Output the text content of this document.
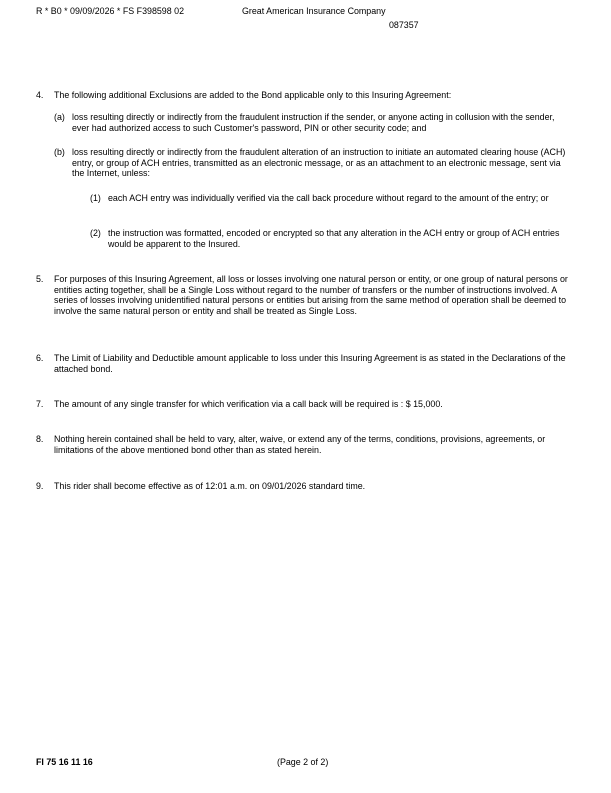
R * B0 * 09/09/2026 * FS F398598 02	Great American Insurance Company
087357
4. The following additional Exclusions are added to the Bond applicable only to this Insuring Agreement:
(a) loss resulting directly or indirectly from the fraudulent instruction if the sender, or anyone acting in collusion with the sender, ever had authorized access to such Customer's password, PIN or other security code; and
(b) loss resulting directly or indirectly from the fraudulent alteration of an instruction to initiate an automated clearing house (ACH) entry, or group of ACH entries, transmitted as an electronic message, or as an attachment to an electronic message, sent via the Internet, unless:
(1) each ACH entry was individually verified via the call back procedure without regard to the amount of the entry; or
(2) the instruction was formatted, encoded or encrypted so that any alteration in the ACH entry or group of ACH entries would be apparent to the Insured.
5. For purposes of this Insuring Agreement, all loss or losses involving one natural person or entity, or one group of natural persons or entities acting together, shall be a Single Loss without regard to the number of transfers or the number of instructions involved. A series of losses involving unidentified natural persons or entities but arising from the same method of operation shall be deemed to involve the same natural person or entity and shall be treated as Single Loss.
6. The Limit of Liability and Deductible amount applicable to loss under this Insuring Agreement is as stated in the Declarations of the attached bond.
7. The amount of any single transfer for which verification via a call back will be required is : $ 15,000.
8. Nothing herein contained shall be held to vary, alter, waive, or extend any of the terms, conditions, provisions, agreements, or limitations of the above mentioned bond other than as stated herein.
9. This rider shall become effective as of 12:01 a.m. on 09/01/2026 standard time.
FI 75 16 11 16	(Page 2 of 2)
